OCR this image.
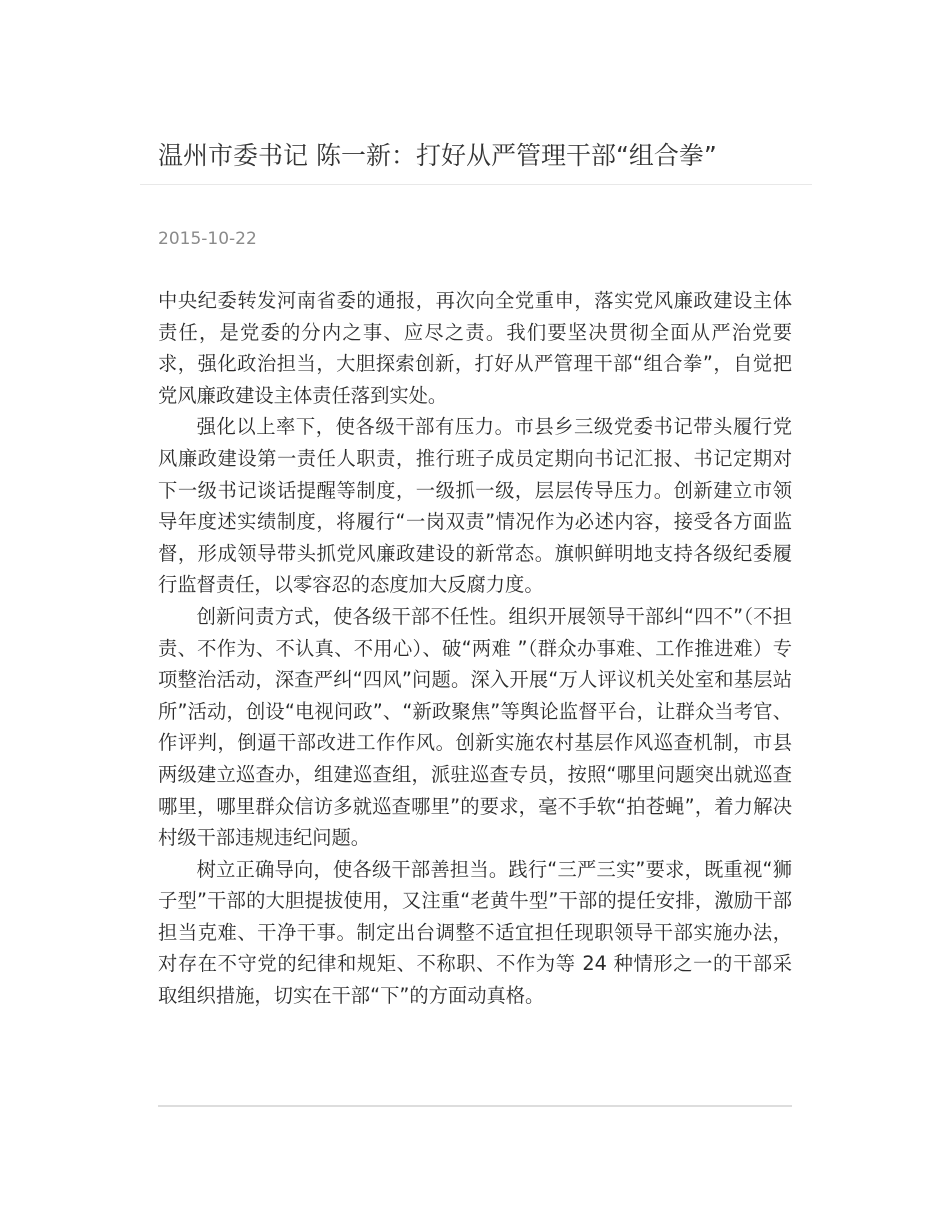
温州市委书记 陈一新：打好从严管理干部“组合拳”
2015-10-22

中央纪委转发河南省委的通报，再次向全党重申，落实党风廉政建设主体责任，是党委的分内之事、应尽之责。我们要坚决贯彻全面从严治党要求，强化政治担当，大胆探索创新，打好从严管理干部“组合拳”，自觉把党风廉政建设主体责任落到实处。

强化以上率下，使各级干部有压力。市县乡三级党委书记带头履行党风廉政建设第一责任人职责，推行班子成员定期向书记汇报、书记定期对下一级书记谈话提醒等制度，一级抓一级，层层传导压力。创新建立市领导年度述实绩制度，将履行“一岗双责”情况作为必述内容，接受各方面监督，形成领导带头抓党风廉政建设的新常态。旗帜鲜明地支持各级纪委履行监督责任，以零容忍的态度加大反腐力度。

创新问责方式，使各级干部不任性。组织开展领导干部纠“四不”（不担责、不作为、不认真、不用心）、破“两难 ”（群众办事难、工作推进难）专项整治活动，深查严纠“四风”问题。深入开展“万人评议机关处室和基层站所”活动，创设“电视问政”、“新政聚焦”等舆论监督平台，让群众当考官、作评判，倒逼干部改进工作作风。创新实施农村基层作风巡查机制，市县两级建立巡查办，组建巡查组，派驻巡查专员，按照“哪里问题突出就巡查哪里，哪里群众信访多就巡查哪里”的要求，毫不手软“拍苍蝇”，着力解决村级干部违规违纪问题。

树立正确导向，使各级干部善担当。践行“三严三实”要求，既重视“狮子型”干部的大胆提拔使用，又注重“老黄牛型”干部的提任安排，激励干部担当克难、干净干事。制定出台调整不适宜担任现职领导干部实施办法，对存在不守党的纪律和规矩、不称职、不作为等 24 种情形之一的干部采取组织措施，切实在干部“下”的方面动真格。
